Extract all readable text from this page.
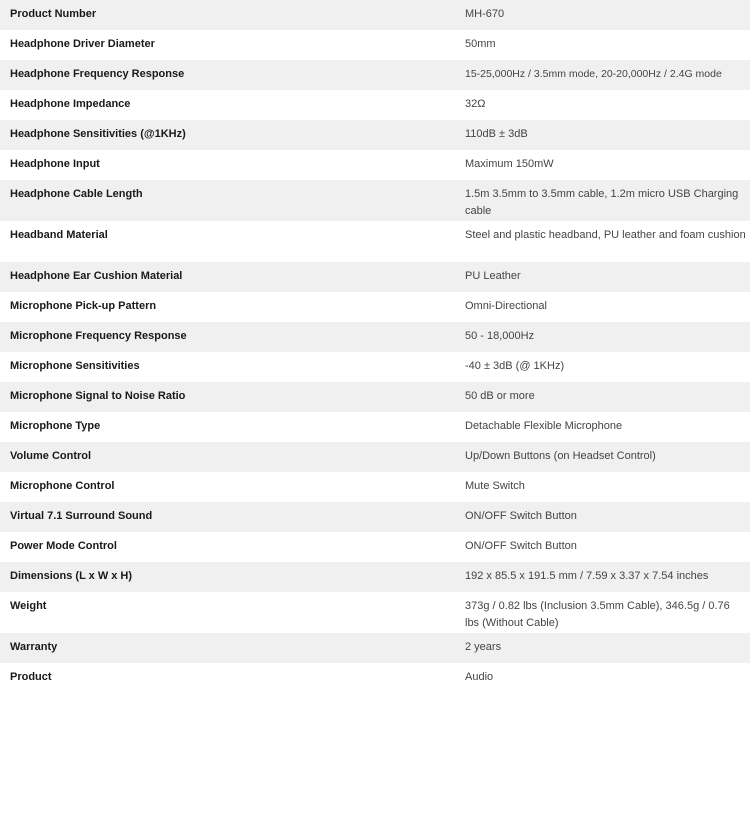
Product Number	MH-670
Headphone Driver Diameter	50mm
Headphone Frequency Response	15-25,000Hz / 3.5mm mode, 20-20,000Hz / 2.4G mode
Headphone Impedance	32Ω
Headphone Sensitivities (@1KHz)	110dB ± 3dB
Headphone Input	Maximum 150mW
Headphone Cable Length	1.5m 3.5mm to 3.5mm cable, 1.2m micro USB Charging cable
Headband Material	Steel and plastic headband, PU leather and foam cushion
Headphone Ear Cushion Material	PU Leather
Microphone Pick-up Pattern	Omni-Directional
Microphone Frequency Response	50 - 18,000Hz
Microphone Sensitivities	-40 ± 3dB (@ 1KHz)
Microphone Signal to Noise Ratio	50 dB or more
Microphone Type	Detachable Flexible Microphone
Volume Control	Up/Down Buttons (on Headset Control)
Microphone Control	Mute Switch
Virtual 7.1 Surround Sound	ON/OFF Switch Button
Power Mode Control	ON/OFF Switch Button
Dimensions (L x W x H)	192 x 85.5 x 191.5 mm / 7.59 x 3.37 x 7.54 inches
Weight	373g / 0.82 lbs (Inclusion 3.5mm Cable), 346.5g / 0.76 lbs (Without Cable)
Warranty	2 years
Product	Audio
